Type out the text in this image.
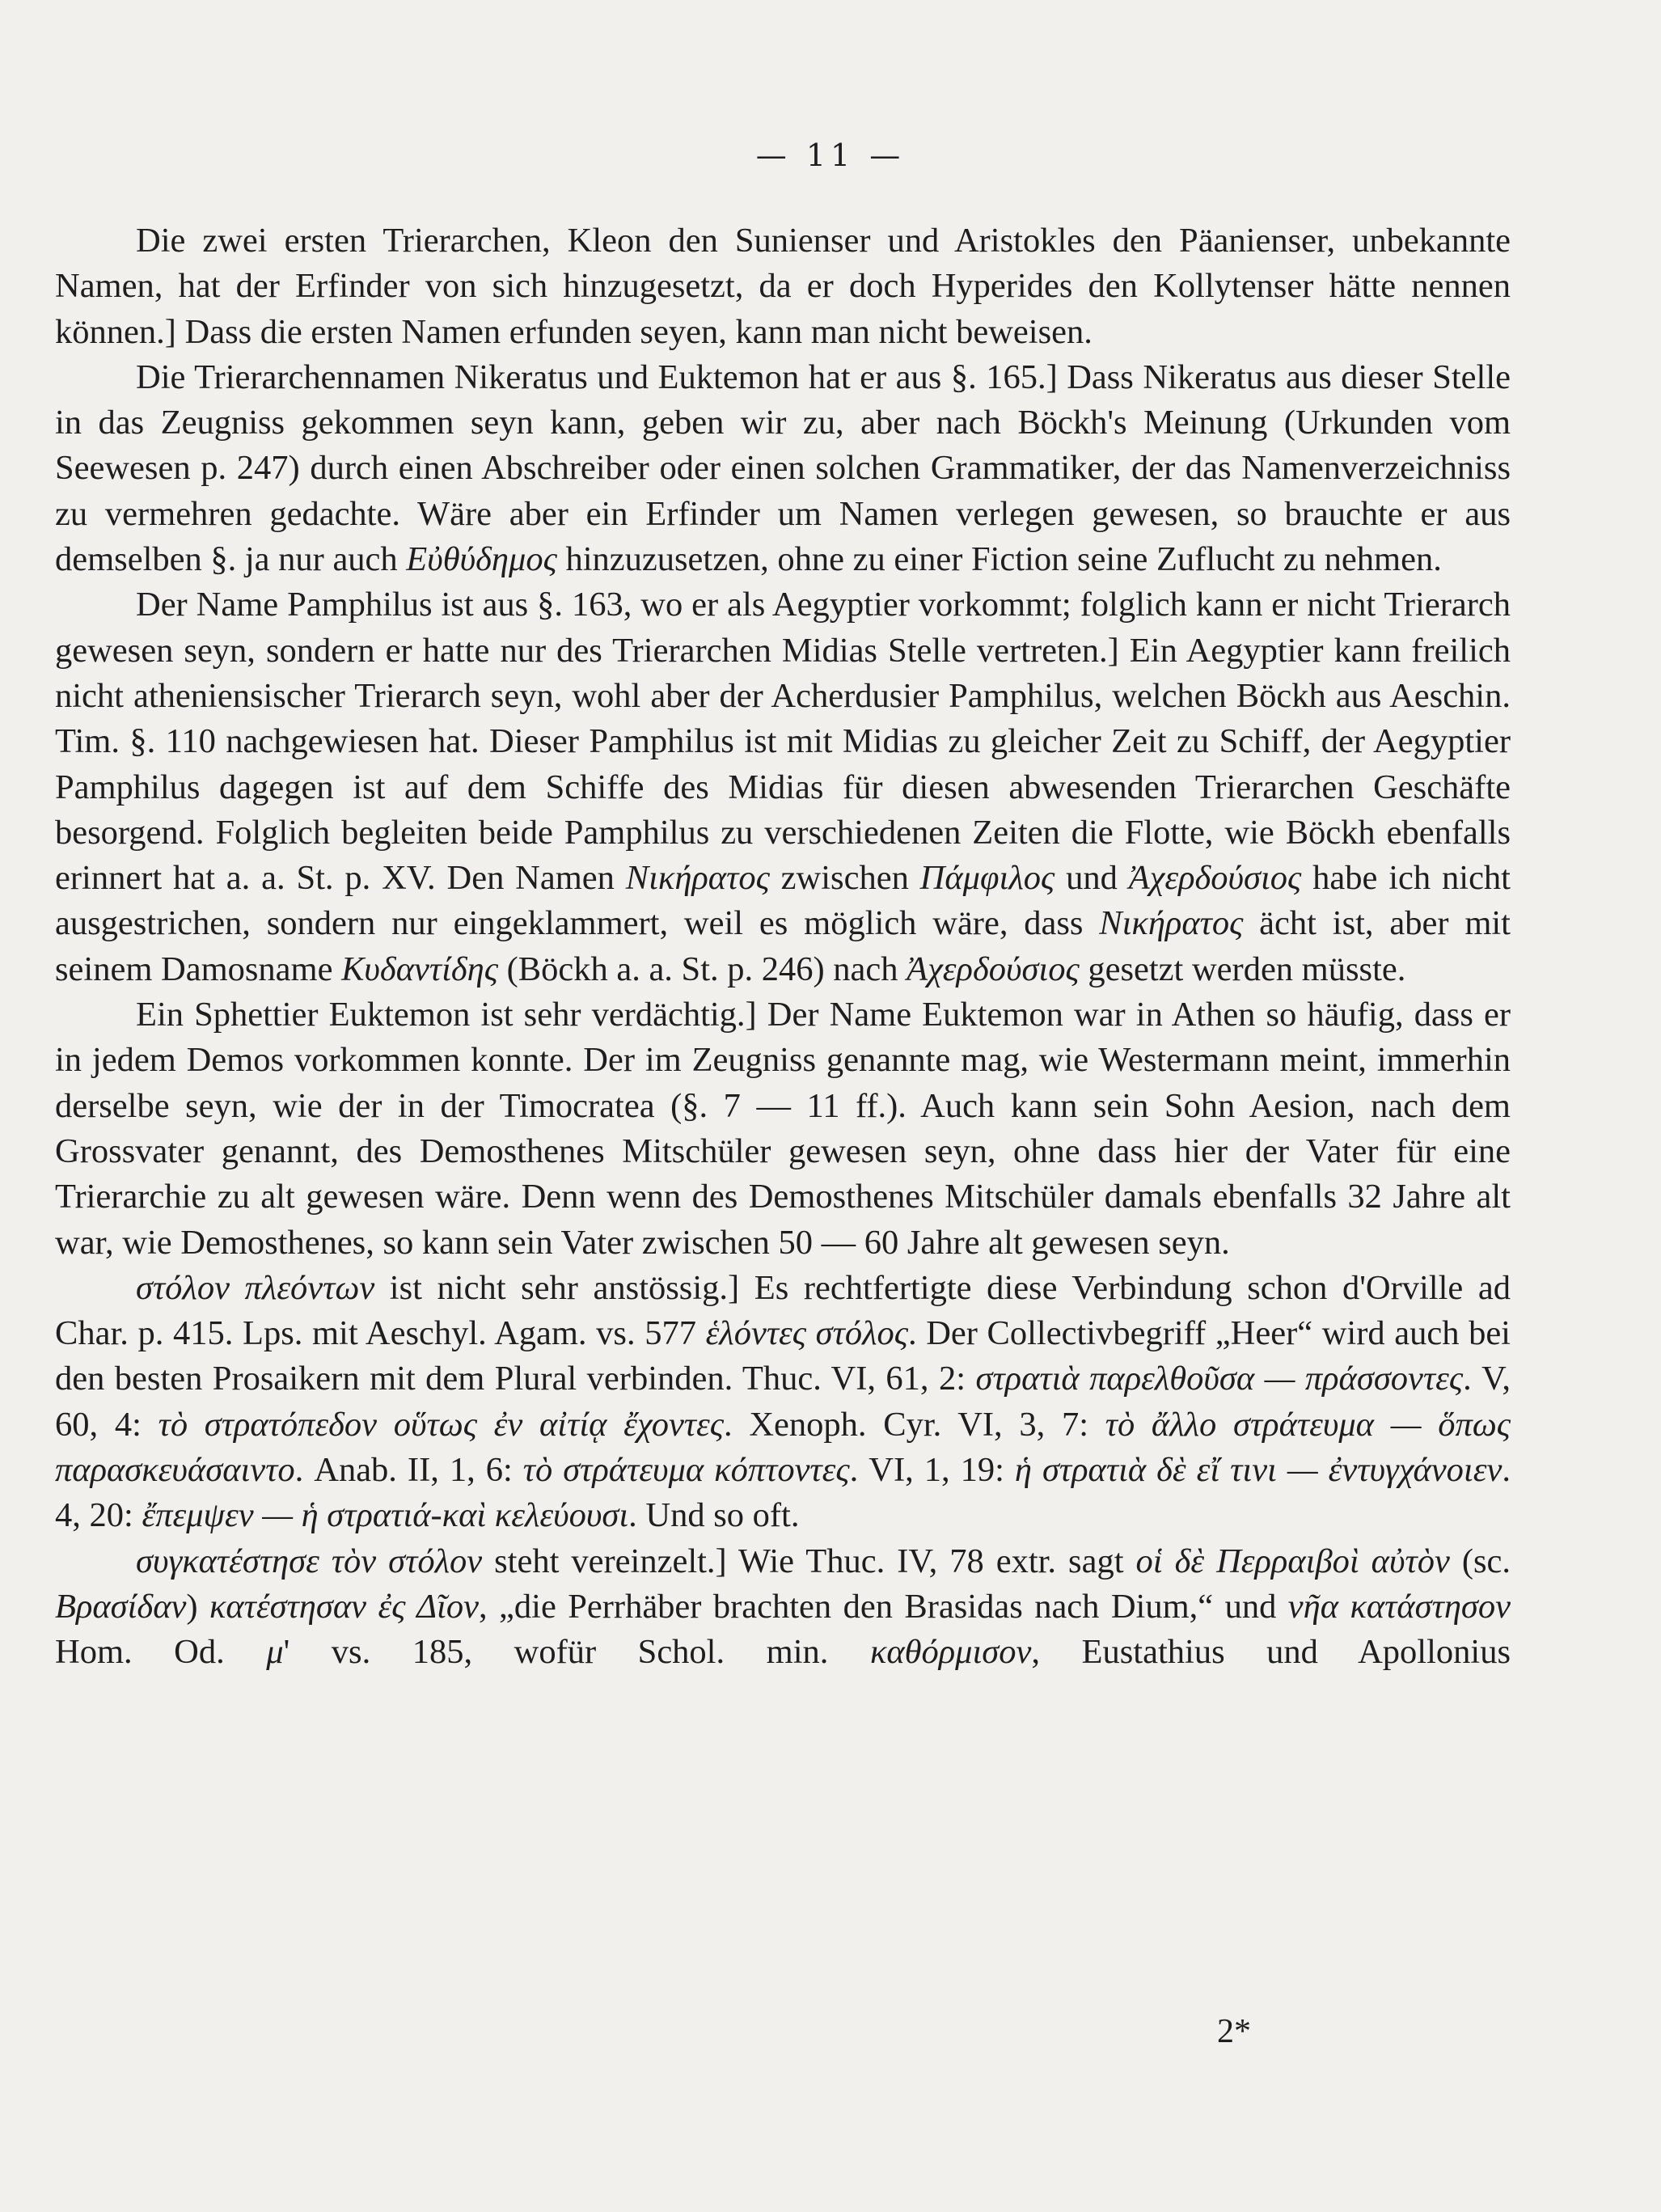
— 11 —

Die zwei ersten Trierarchen, Kleon den Sunienser und Aristokles den Päanienser, unbekannte Namen, hat der Erfinder von sich hinzugesetzt, da er doch Hyperides den Kollytenser hätte nennen können.] Dass die ersten Namen erfunden seyen, kann man nicht beweisen.

Die Trierarchennamen Nikeratus und Euktemon hat er aus §. 165.] Dass Nikeratus aus dieser Stelle in das Zeugniss gekommen seyn kann, geben wir zu, aber nach Böckh's Meinung (Urkunden vom Seewesen p. 247) durch einen Abschreiber oder einen solchen Grammatiker, der das Namenverzeichniss zu vermehren gedachte. Wäre aber ein Erfinder um Namen verlegen gewesen, so brauchte er aus demselben §. ja nur auch Εὐθύδημος hinzuzusetzen, ohne zu einer Fiction seine Zuflucht zu nehmen.

Der Name Pamphilus ist aus §. 163, wo er als Aegyptier vorkommt; folglich kann er nicht Trierarch gewesen seyn, sondern er hatte nur des Trierarchen Midias Stelle vertreten.] Ein Aegyptier kann freilich nicht atheniensischer Trierarch seyn, wohl aber der Acherdusier Pamphilus, welchen Böckh aus Aeschin. Tim. §. 110 nachgewiesen hat. Dieser Pamphilus ist mit Midias zu gleicher Zeit zu Schiff, der Aegyptier Pamphilus dagegen ist auf dem Schiffe des Midias für diesen abwesenden Trierarchen Geschäfte besorgend. Folglich begleiten beide Pamphilus zu verschiedenen Zeiten die Flotte, wie Böckh ebenfalls erinnert hat a. a. St. p. XV. Den Namen Νικήρατος zwischen Πάμφιλος und Ἀχερδούσιος habe ich nicht ausgestrichen, sondern nur eingeklammert, weil es möglich wäre, dass Νικήρατος ächt ist, aber mit seinem Damosname Κυδαντίδης (Böckh a. a. St. p. 246) nach Ἀχερδούσιος gesetzt werden müsste.

Ein Sphettier Euktemon ist sehr verdächtig.] Der Name Euktemon war in Athen so häufig, dass er in jedem Demos vorkommen konnte. Der im Zeugniss genannte mag, wie Westermann meint, immerhin derselbe seyn, wie der in der Timocratea (§. 7 — 11 ff.). Auch kann sein Sohn Aesion, nach dem Grossvater genannt, des Demosthenes Mitschüler gewesen seyn, ohne dass hier der Vater für eine Trierarchie zu alt gewesen wäre. Denn wenn des Demosthenes Mitschüler damals ebenfalls 32 Jahre alt war, wie Demosthenes, so kann sein Vater zwischen 50 — 60 Jahre alt gewesen seyn.

στόλον πλεόντων ist nicht sehr anstössig.] Es rechtfertigte diese Verbindung schon d'Orville ad Char. p. 415. Lps. mit Aeschyl. Agam. vs. 577 ἑλόντες στόλος. Der Collectivbegriff „Heer“ wird auch bei den besten Prosaikern mit dem Plural verbinden. Thuc. VI, 61, 2: στρατιὰ παρελθοῦσα — πράσσοντες. V, 60, 4: τὸ στρατόπεδον οὕτως ἐν αἰτίᾳ ἔχοντες. Xenoph. Cyr. VI, 3, 7: τὸ ἄλλο στράτευμα — ὅπως παρασκευάσαιντο. Anab. II, 1, 6: τὸ στράτευμα κόπτοντες. VI, 1, 19: ἡ στρατιὰ δὲ εἴ τινι — ἐντυγχάνοιεν. 4, 20: ἔπεμψεν — ἡ στρατιά-καὶ κελεύουσι. Und so oft.

συγκατέστησε τὸν στόλον steht vereinzelt.] Wie Thuc. IV, 78 extr. sagt οἱ δὲ Περραιβοὶ αὐτὸν (sc. Βρασίδαν) κατέστησαν ἐς Δῖον, „die Perrhäber brachten den Brasidas nach Dium,“ und νῆα κατάστησον Hom. Od. μ' vs. 185, wofür Schol. min. καθόρμισον, Eustathius und Apollonius

2*
